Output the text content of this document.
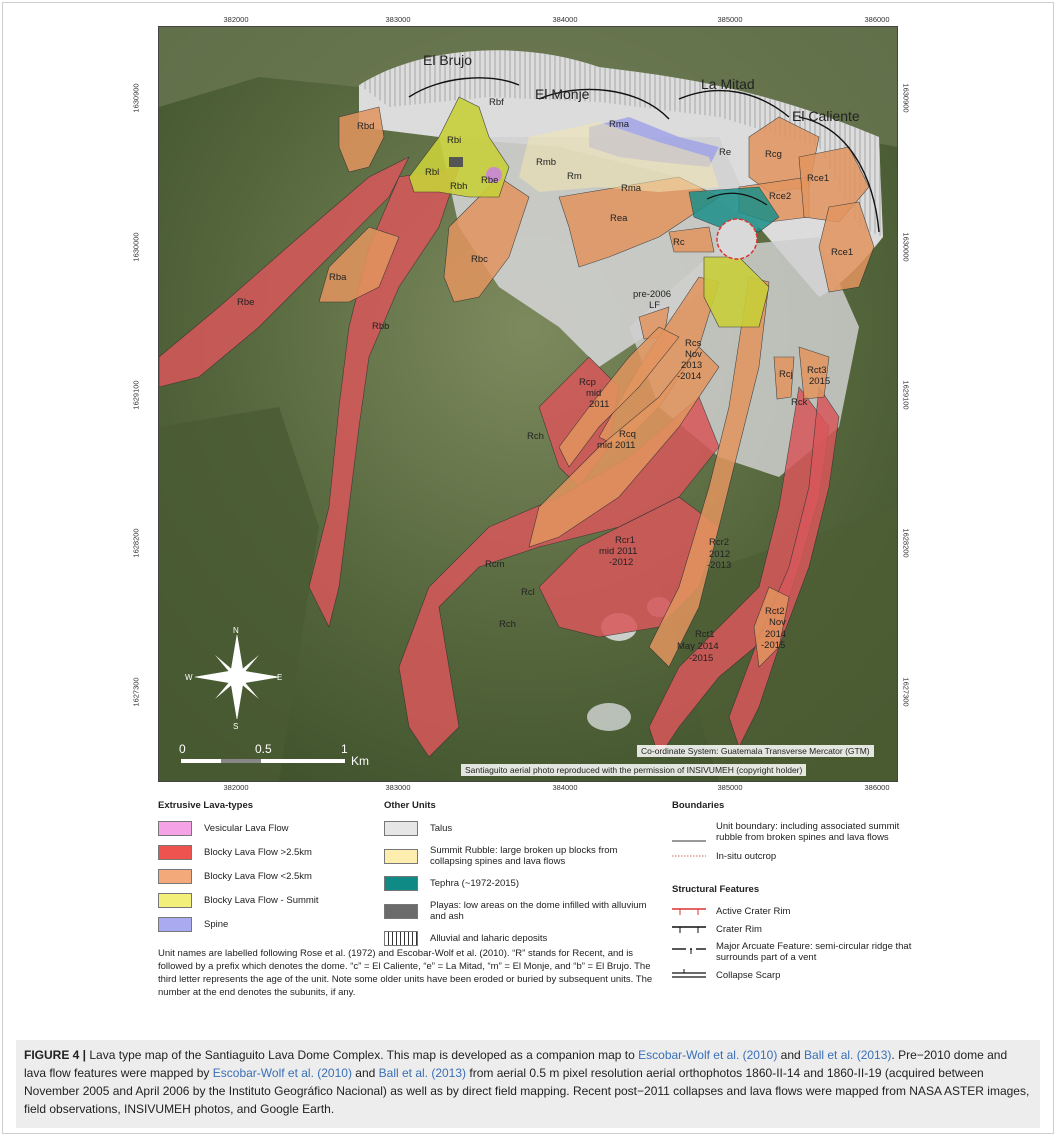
382000	383000	384000	385000	386000
382000	383000	384000	385000	386000
1630900
1630000
1629100
1628200
1627300
1630900
1630000
1629100
1628200
1627300
El Brujo
El Monje
La Mitad
El Caliente
Rbd
Rbf
Rbi
Rbl
Rbh
Rbe
Rmb
Rm
Rma
Rma
Re	Rcg
Rce2
Rce1
Rea
Rc
Rce1
Rbe
Rba
Rbc
Rbb
pre-2006
LF
Rcs
Nov
2013
-2014
Rcp
mid
2011
Rcq
mid 2011
Rch
Rcj Rct3
2015
Rck
Rcr1
mid 2011
-2012
Rcr2
2012
-2013
Rcm
Rcl
Rch
Rct2
Nov
2014
-2015
Rct1
May 2014
-2015
N
S
E
W
0	0.5	1
Km
Co-ordinate System: Guatemala Transverse Mercator (GTM)
Santiaguito aerial photo reproduced with the permission of INSIVUMEH (copyright holder)
Extrusive Lava-types
Vesicular Lava Flow
Blocky Lava Flow >2.5km
Blocky Lava Flow <2.5km
Blocky Lava Flow - Summit
Spine
Other Units
Talus
Summit Rubble: large broken up blocks from collapsing spines and lava flows
Tephra (~1972-2015)
Playas: low areas on the dome infilled with alluvium and ash
Alluvial and laharic deposits
Boundaries
Unit boundary: including associated summit rubble from broken spines and lava flows
In-situ outcrop
Structural Features
Active Crater Rim
Crater Rim
Major Arcuate Feature: semi-circular ridge that surrounds part of a vent
Collapse Scarp
Unit names are labelled following Rose et al. (1972) and Escobar-Wolf et al. (2010). “R” stands for Recent, and is followed by a prefix which denotes the dome. “c” = El Caliente, “e” = La Mitad, “m” = El Monje, and “b” = El Brujo. The third letter represents the age of the unit. Note some older units have been eroded or buried by subsequent units. The number at the end denotes the subunits, if any.
FIGURE 4 | Lava type map of the Santiaguito Lava Dome Complex. This map is developed as a companion map to Escobar-Wolf et al. (2010) and Ball et al. (2013). Pre−2010 dome and lava flow features were mapped by Escobar-Wolf et al. (2010) and Ball et al. (2013) from aerial 0.5 m pixel resolution aerial orthophotos 1860-II-14 and 1860-II-19 (acquired between November 2005 and April 2006 by the Instituto Geográfico Nacional) as well as by direct field mapping. Recent post−2011 collapses and lava flows were mapped from NASA ASTER images, field observations, INSIVUMEH photos, and Google Earth.
